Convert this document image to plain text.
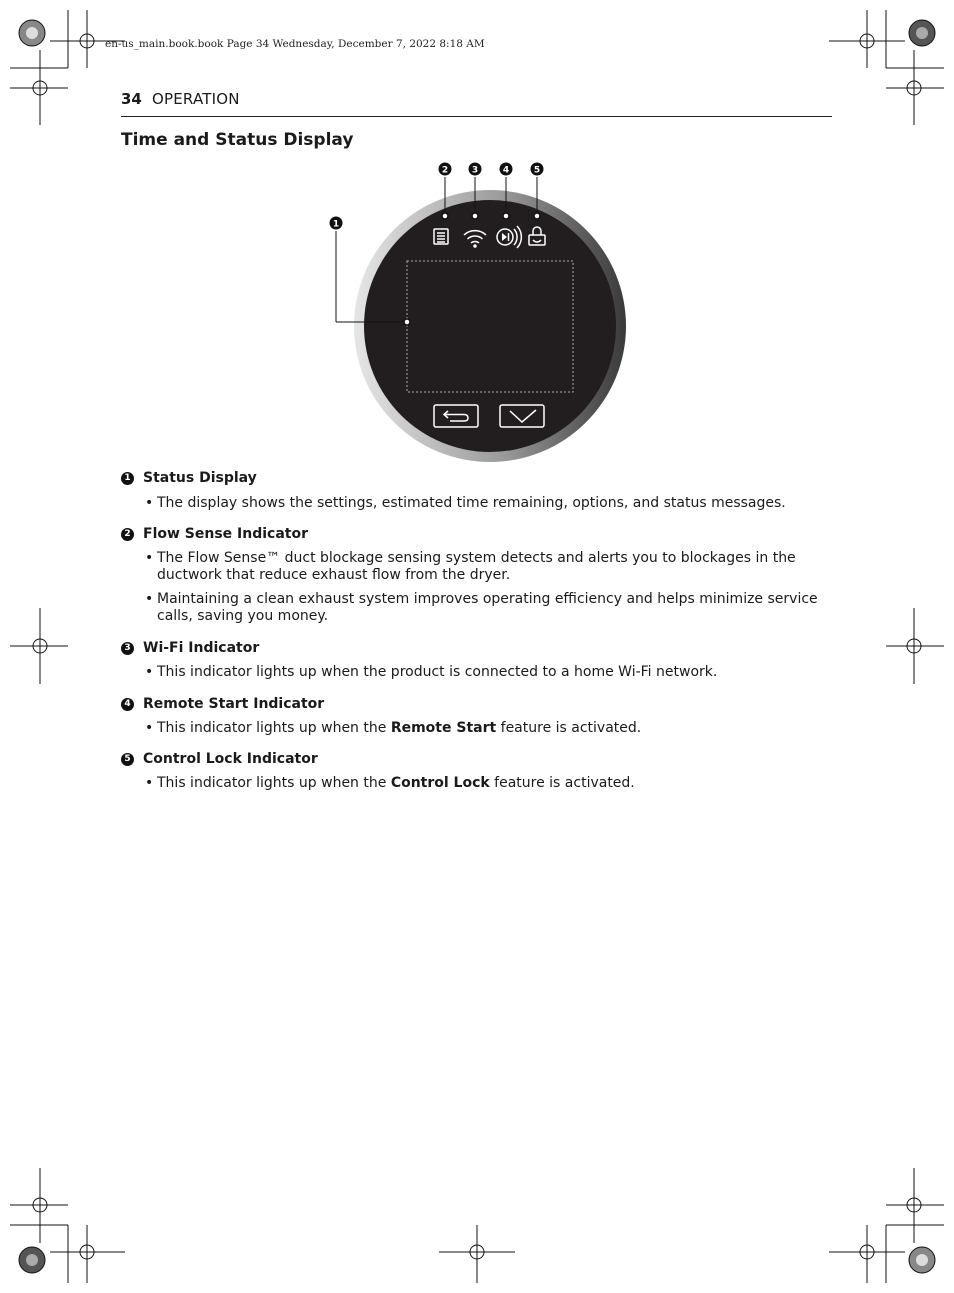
en-us_main.book.book Page 34 Wednesday, December 7, 2022 8:18 AM
34 OPERATION
Time and Status Display
1
2	3	4	5
1 Status Display
• The display shows the settings, estimated time remaining, options, and status messages.
2 Flow Sense Indicator
• The Flow Sense™ duct blockage sensing system detects and alerts you to blockages in the ductwork that reduce exhaust flow from the dryer.
• Maintaining a clean exhaust system improves operating efficiency and helps minimize service calls, saving you money.
3 Wi-Fi Indicator
• This indicator lights up when the product is connected to a home Wi-Fi network.
4 Remote Start Indicator
• This indicator lights up when the Remote Start feature is activated.
5 Control Lock Indicator
• This indicator lights up when the Control Lock feature is activated.
